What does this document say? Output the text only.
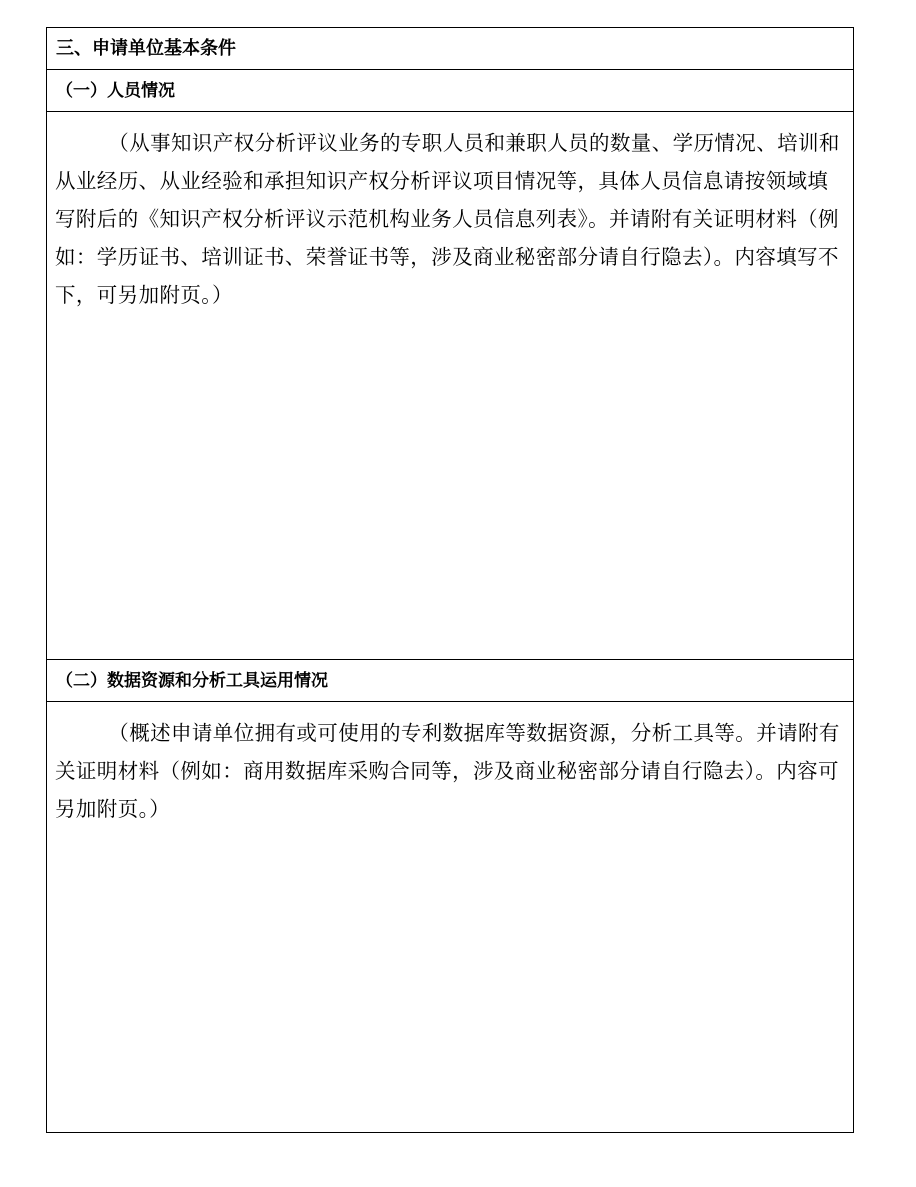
三、申请单位基本条件
（一）人员情况

（从事知识产权分析评议业务的专职人员和兼职人员的数量、学历情况、培训和从业经历、从业经验和承担知识产权分析评议项目情况等，具体人员信息请按领域填写附后的《知识产权分析评议示范机构业务人员信息列表》。并请附有关证明材料（例如：学历证书、培训证书、荣誉证书等，涉及商业秘密部分请自行隐去）。内容填写不下，可另加附页。）

（二）数据资源和分析工具运用情况

（概述申请单位拥有或可使用的专利数据库等数据资源，分析工具等。并请附有关证明材料（例如：商用数据库采购合同等，涉及商业秘密部分请自行隐去）。内容可另加附页。）
